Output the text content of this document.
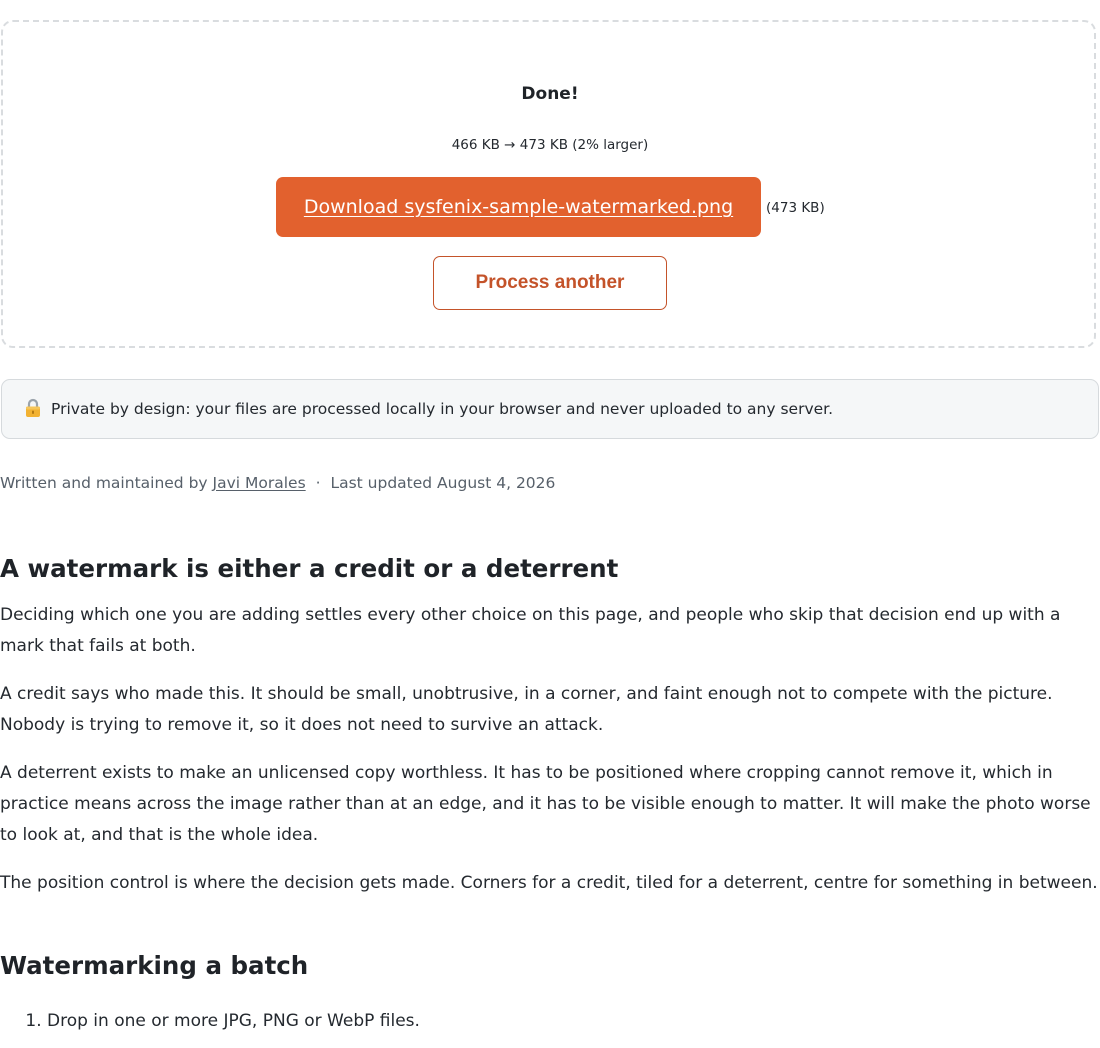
Done!
466 KB → 473 KB (2% larger)
Download sysfenix-sample-watermarked.png	(473 KB)
Process another
Private by design: your files are processed locally in your browser and never uploaded to any server.
Written and maintained by Javi Morales · Last updated August 4, 2026
A watermark is either a credit or a deterrent

Deciding which one you are adding settles every other choice on this page, and people who skip that decision end up with a mark that fails at both.

A credit says who made this. It should be small, unobtrusive, in a corner, and faint enough not to compete with the picture. Nobody is trying to remove it, so it does not need to survive an attack.

A deterrent exists to make an unlicensed copy worthless. It has to be positioned where cropping cannot remove it, which in practice means across the image rather than at an edge, and it has to be visible enough to matter. It will make the photo worse to look at, and that is the whole idea.

The position control is where the decision gets made. Corners for a credit, tiled for a deterrent, centre for something in between.

Watermarking a batch
1. Drop in one or more JPG, PNG or WebP files.
